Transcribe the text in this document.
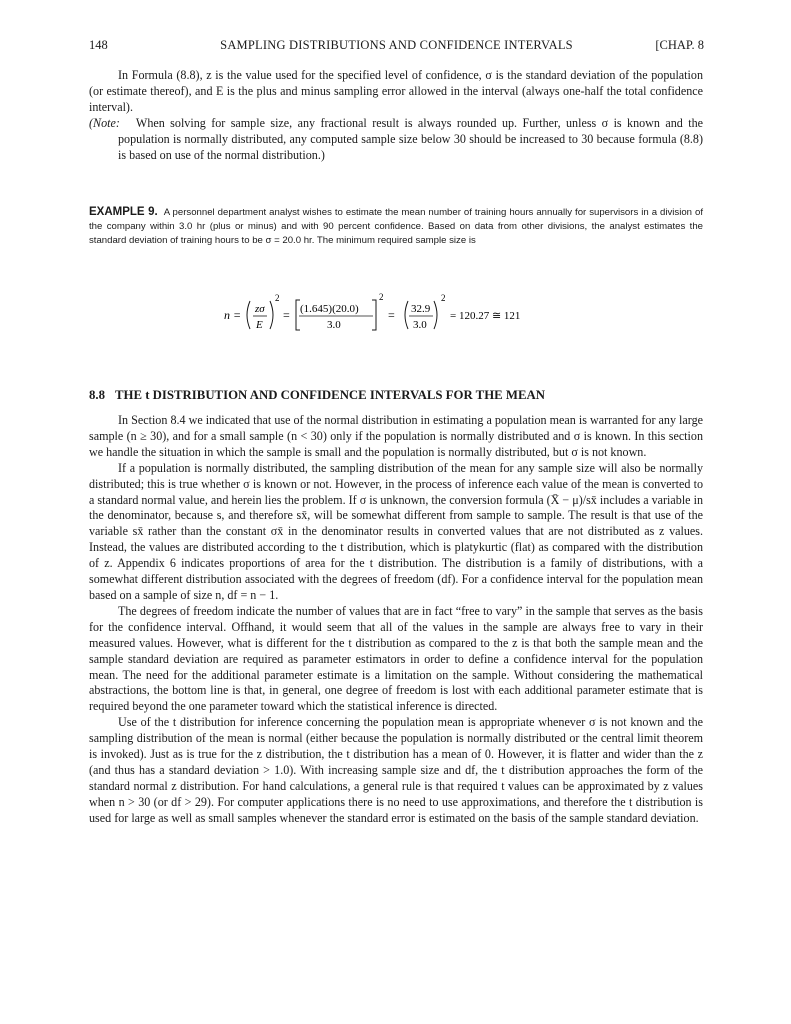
148	SAMPLING DISTRIBUTIONS AND CONFIDENCE INTERVALS	[CHAP. 8

In Formula (8.8), z is the value used for the specified level of confidence, σ is the standard deviation of the population (or estimate thereof), and E is the plus and minus sampling error allowed in the interval (always one-half the total confidence interval).

(Note: When solving for sample size, any fractional result is always rounded up. Further, unless σ is known and the population is normally distributed, any computed sample size below 30 should be increased to 30 because formula (8.8) is based on use of the normal distribution.)

EXAMPLE 9. A personnel department analyst wishes to estimate the mean number of training hours annually for supervisors in a division of the company within 3.0 hr (plus or minus) and with 90 percent confidence. Based on data from other divisions, the analyst estimates the standard deviation of training hours to be σ = 20.0 hr. The minimum required sample size is

n = zσ
E
2
= (1.645)(20.0)
3.0
2
= 32.9
3.0
2
= 120.27 ≅ 121
8.8 THE t DISTRIBUTION AND CONFIDENCE INTERVALS FOR THE MEAN

In Section 8.4 we indicated that use of the normal distribution in estimating a population mean is warranted for any large sample (n ≥ 30), and for a small sample (n < 30) only if the population is normally distributed and σ is known. In this section we handle the situation in which the sample is small and the population is normally distributed, but σ is not known.

If a population is normally distributed, the sampling distribution of the mean for any sample size will also be normally distributed; this is true whether σ is known or not. However, in the process of inference each value of the mean is converted to a standard normal value, and herein lies the problem. If σ is unknown, the conversion formula (X̄ − μ)/sx̄ includes a variable in the denominator, because s, and therefore sx̄, will be somewhat different from sample to sample. The result is that use of the variable sx̄ rather than the constant σx̄ in the denominator results in converted values that are not distributed as z values. Instead, the values are distributed according to the t distribution, which is platykurtic (flat) as compared with the distribution of z. Appendix 6 indicates proportions of area for the t distribution. The distribution is a family of distributions, with a somewhat different distribution associated with the degrees of freedom (df). For a confidence interval for the population mean based on a sample of size n, df = n − 1.

The degrees of freedom indicate the number of values that are in fact “free to vary” in the sample that serves as the basis for the confidence interval. Offhand, it would seem that all of the values in the sample are always free to vary in their measured values. However, what is different for the t distribution as compared to the z is that both the sample mean and the sample standard deviation are required as parameter estimators in order to define a confidence interval for the population mean. The need for the additional parameter estimate is a limitation on the sample. Without considering the mathematical abstractions, the bottom line is that, in general, one degree of freedom is lost with each additional parameter estimate that is required beyond the one parameter toward which the statistical inference is directed.

Use of the t distribution for inference concerning the population mean is appropriate whenever σ is not known and the sampling distribution of the mean is normal (either because the population is normally distributed or the central limit theorem is invoked). Just as is true for the z distribution, the t distribution has a mean of 0. However, it is flatter and wider than the z (and thus has a standard deviation > 1.0). With increasing sample size and df, the t distribution approaches the form of the standard normal z distribution. For hand calculations, a general rule is that required t values can be approximated by z values when n > 30 (or df > 29). For computer applications there is no need to use approximations, and therefore the t distribution is used for large as well as small samples whenever the standard error is estimated on the basis of the sample standard deviation.
